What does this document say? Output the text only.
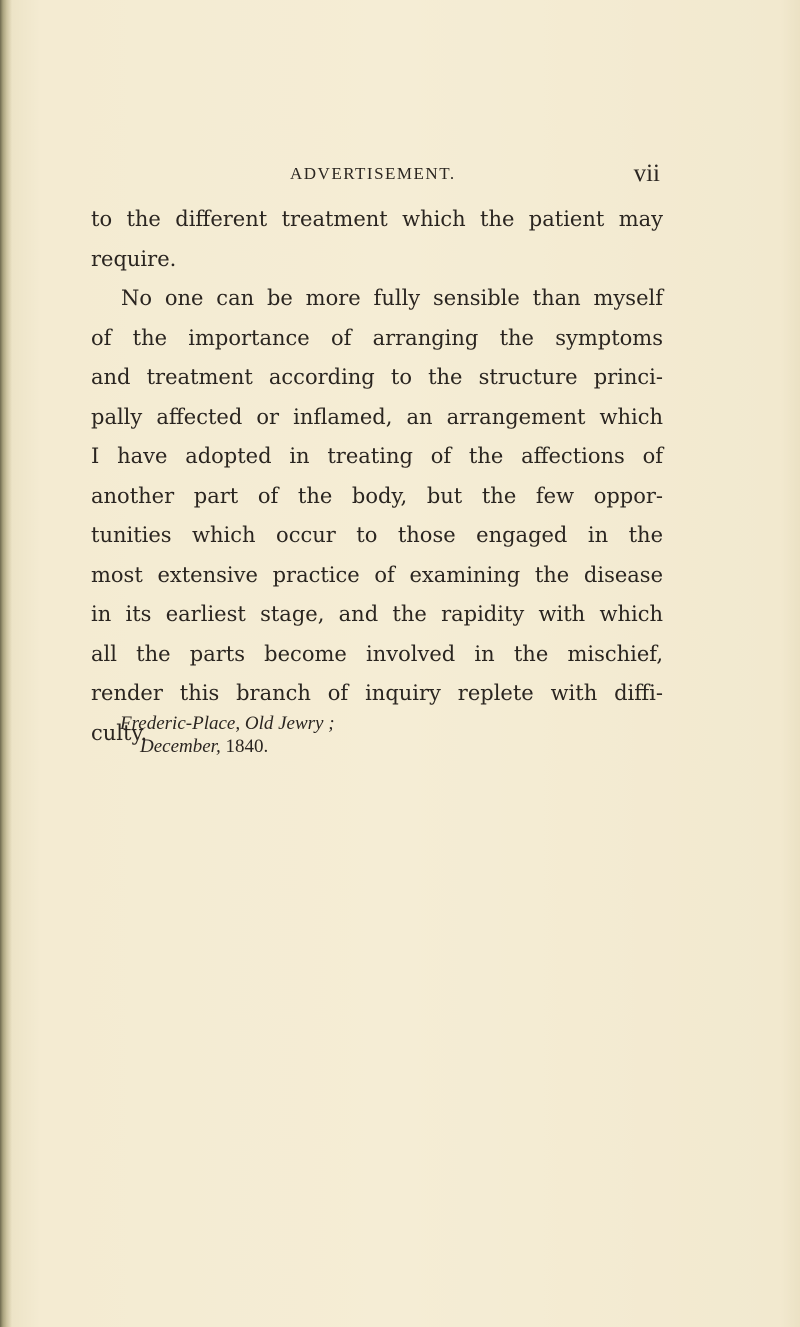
ADVERTISEMENT.	vii
to the different treatment which the patient may
require.
No one can be more fully sensible than myself
of the importance of arranging the symptoms
and treatment according to the structure princi-
pally affected or inflamed, an arrangement which
I have adopted in treating of the affections of
another part of the body, but the few oppor-
tunities which occur to those engaged in the
most extensive practice of examining the disease
in its earliest stage, and the rapidity with which
all the parts become involved in the mischief,
render this branch of inquiry replete with diffi-
culty.
Frederic-Place, Old Jewry ;
December, 1840.
